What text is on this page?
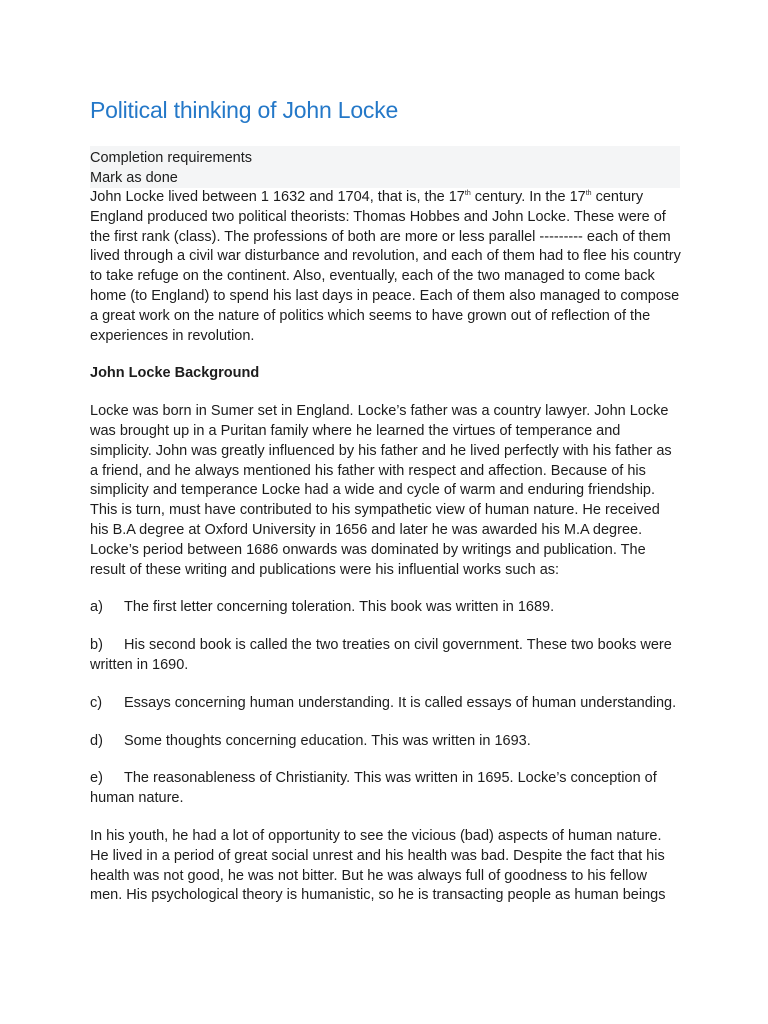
Political thinking of John Locke
Completion requirements
Mark as done

John Locke lived between 1 1632 and 1704, that is, the 17th century. In the 17th century England produced two political theorists: Thomas Hobbes and John Locke. These were of the first rank (class). The professions of both are more or less parallel --------- each of them lived through a civil war disturbance and revolution, and each of them had to flee his country to take refuge on the continent. Also, eventually, each of the two managed to come back home (to England) to spend his last days in peace. Each of them also managed to compose a great work on the nature of politics which seems to have grown out of reflection of the experiences in revolution.

John Locke Background

Locke was born in Sumer set in England. Locke’s father was a country lawyer. John Locke was brought up in a Puritan family where he learned the virtues of temperance and simplicity. John was greatly influenced by his father and he lived perfectly with his father as a friend, and he always mentioned his father with respect and affection. Because of his simplicity and temperance Locke had a wide and cycle of warm and enduring friendship. This is turn, must have contributed to his sympathetic view of human nature. He received his B.A degree at Oxford University in 1656 and later he was awarded his M.A degree. Locke’s period between 1686 onwards was dominated by writings and publication. The result of these writing and publications were his influential works such as:

a) The first letter concerning toleration. This book was written in 1689.

b) His second book is called the two treaties on civil government. These two books were written in 1690.

c) Essays concerning human understanding. It is called essays of human understanding.

d) Some thoughts concerning education. This was written in 1693.

e) The reasonableness of Christianity. This was written in 1695. Locke’s conception of human nature.

In his youth, he had a lot of opportunity to see the vicious (bad) aspects of human nature. He lived in a period of great social unrest and his health was bad. Despite the fact that his health was not good, he was not bitter. But he was always full of goodness to his fellow men. His psychological theory is humanistic, so he is transacting people as human beings
